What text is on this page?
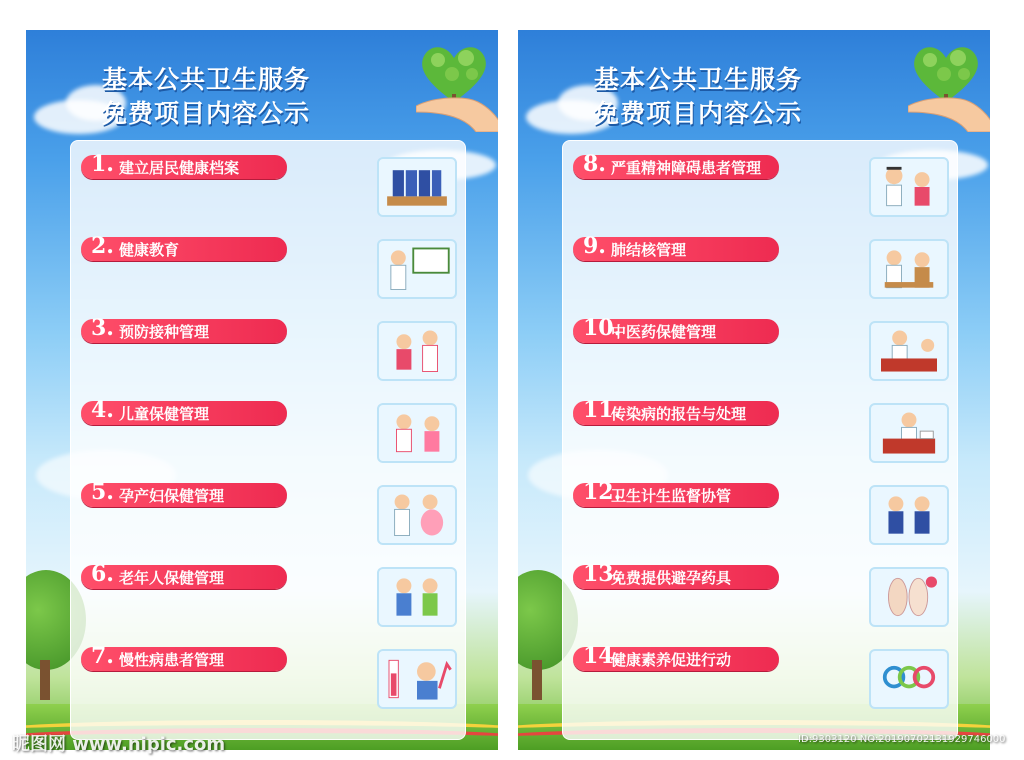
基本公共卫生服务
免费项目内容公示
1. 建立居民健康档案
2. 健康教育
3. 预防接种管理
4. 儿童保健管理
5. 孕产妇保健管理
6. 老年人保健管理
7. 慢性病患者管理
基本公共卫生服务
免费项目内容公示
8. 严重精神障碍患者管理
9. 肺结核管理
10.
中医药保健管理
11.
传染病的报告与处理
12.
卫生计生监督协管
13.
免费提供避孕药具
14.
健康素养促进行动
昵图网 www.nipic.com	ID:9303120 NO:20190702131929746000
